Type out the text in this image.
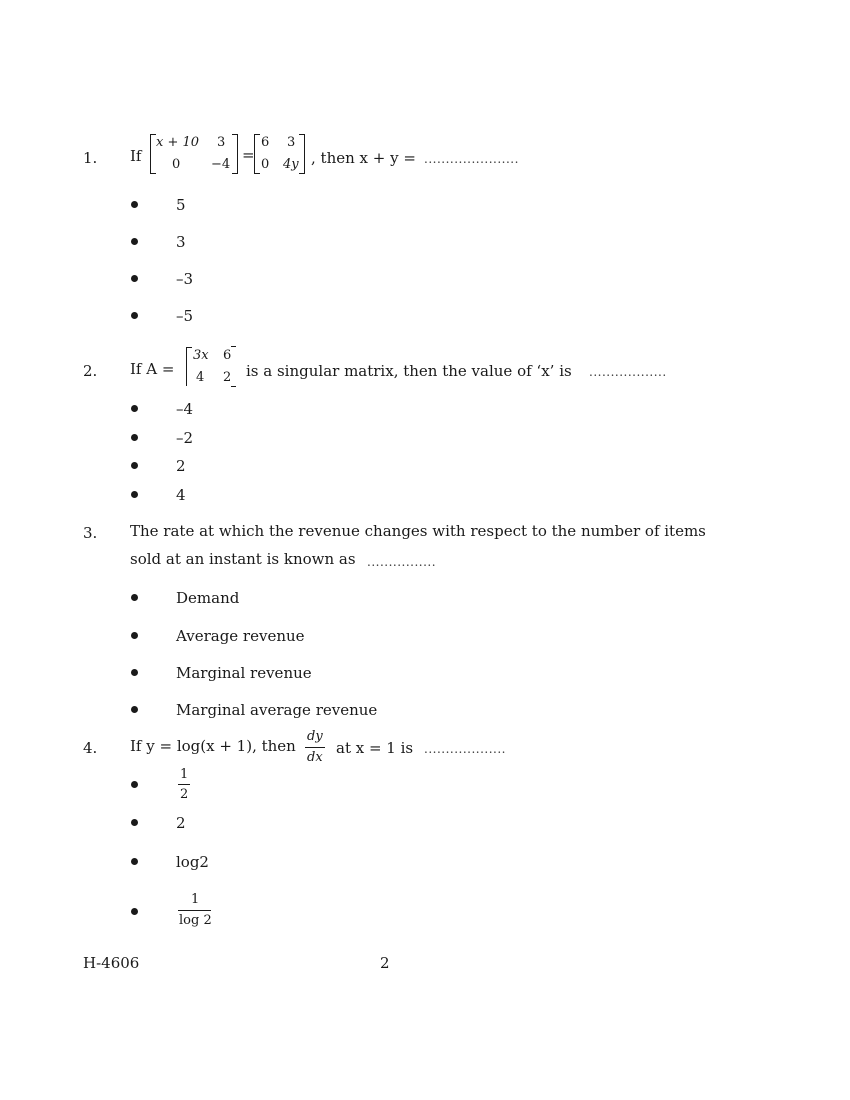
1. If
x + 10 3
0 −4
=
6 3
0 4y , then x + y = ......................
5
3
–3
–5
2. If A =
3x 6
4 2 is a singular matrix, then the value of ‘x’ is ..................
–4
–2
2
4
3. The rate at which the revenue changes with respect to the number of items
sold at an instant is known as ................
Demand
Average revenue
Marginal revenue
Marginal average revenue
4. If y = log(x + 1), then
dy
dx
at x = 1 is ...................
1
2
2
log2
1
log 2
H-4606	2
